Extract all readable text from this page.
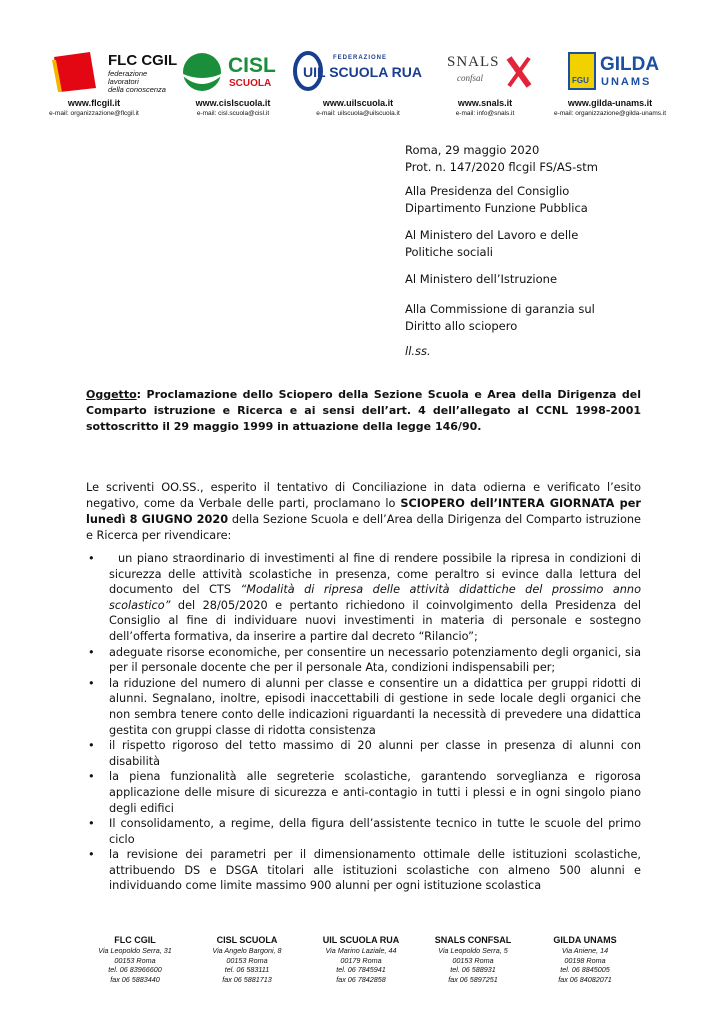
FLC CGIL
federazione
lavoratori
della conoscenza
CISL
SCUOLA
FEDERAZIONE
UIL SCUOLA RUA
SNALS
confsal	FGU
GILDA
UNAMS
www.flcgil.it
e-mail: organizzazione@flcgil.it
www.cislscuola.it
e-mail: cisl.scuola@cisl.it
www.uilscuola.it
e-mail: uilscuola@uilscuola.it
www.snals.it
e-mail: info@snals.it
www.gilda-unams.it
e-mail: organizzazione@gilda-unams.it
Roma, 29 maggio 2020
Prot. n. 147/2020 flcgil FS/AS-stm
Alla Presidenza del Consiglio
Dipartimento Funzione Pubblica
Al Ministero del Lavoro e delle
Politiche sociali
Al Ministero dell’Istruzione
Alla Commissione di garanzia sul
Diritto allo sciopero
ll.ss.
Oggetto: Proclamazione dello Sciopero della Sezione Scuola e Area della Dirigenza del Comparto istruzione e Ricerca e ai sensi dell’art. 4 dell’allegato al CCNL 1998-2001 sottoscritto il 29 maggio 1999 in attuazione della legge 146/90.
Le scriventi OO.SS., esperito il tentativo di Conciliazione in data odierna e verificato l’esito negativo, come da Verbale delle parti, proclamano lo SCIOPERO dell’INTERA GIORNATA per lunedì 8 GIUGNO 2020 della Sezione Scuola e dell’Area della Dirigenza del Comparto istruzione e Ricerca per rivendicare:
• un piano straordinario di investimenti al fine di rendere possibile la ripresa in condizioni di sicurezza delle attività scolastiche in presenza, come peraltro si evince dalla lettura del documento del CTS “Modalità di ripresa delle attività didattiche del prossimo anno scolastico” del 28/05/2020 e pertanto richiedono il coinvolgimento della Presidenza del Consiglio al fine di individuare nuovi investimenti in materia di personale e sostegno dell’offerta formativa, da inserire a partire dal decreto “Rilancio”;
• adeguate risorse economiche, per consentire un necessario potenziamento degli organici, sia per il personale docente che per il personale Ata, condizioni indispensabili per;
• la riduzione del numero di alunni per classe e consentire un a didattica per gruppi ridotti di alunni. Segnalano, inoltre, episodi inaccettabili di gestione in sede locale degli organici che non sembra tenere conto delle indicazioni riguardanti la necessità di prevedere una didattica gestita con gruppi classe di ridotta consistenza
• il rispetto rigoroso del tetto massimo di 20 alunni per classe in presenza di alunni con disabilità
• la piena funzionalità alle segreterie scolastiche, garantendo sorveglianza e rigorosa applicazione delle misure di sicurezza e anti-contagio in tutti i plessi e in ogni singolo piano degli edifici
• Il consolidamento, a regime, della figura dell’assistente tecnico in tutte le scuole del primo ciclo
• la revisione dei parametri per il dimensionamento ottimale delle istituzioni scolastiche, attribuendo DS e DSGA titolari alle istituzioni scolastiche con almeno 500 alunni e individuando come limite massimo 900 alunni per ogni istituzione scolastica
FLC CGIL
Via Leopoldo Serra, 31
00153 Roma
tel. 06 83966600
fax 06 5883440
CISL SCUOLA
Via Angelo Bargoni, 8
00153 Roma
tel. 06 583111
fax 06 5881713
UIL SCUOLA RUA
Via Marino Laziale, 44
00179 Roma
tel. 06 7845941
fax 06 7842858
SNALS CONFSAL
Via Leopoldo Serra, 5
00153 Roma
tel. 06 588931
fax 06 5897251
GILDA UNAMS
Via Aniene, 14
00198 Roma
tel. 06 8845005
fax 06 84082071
